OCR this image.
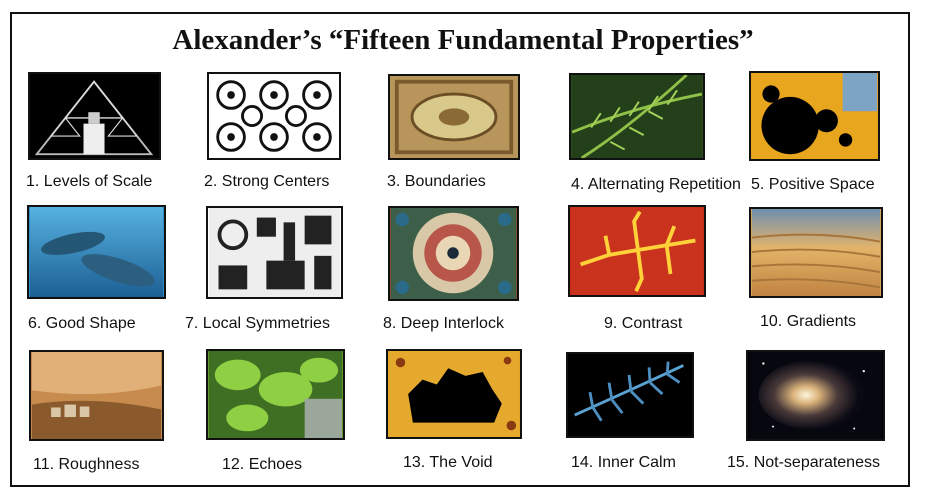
Alexander’s “Fifteen Fundamental Properties”
1. Levels of Scale	2. Strong Centers	3. Boundaries	4. Alternating Repetition 5. Positive Space
6. Good Shape	7. Local Symmetries	8. Deep Interlock	9. Contrast	10. Gradients
11. Roughness	12. Echoes	13. The Void	14. Inner Calm	15. Not-separateness
